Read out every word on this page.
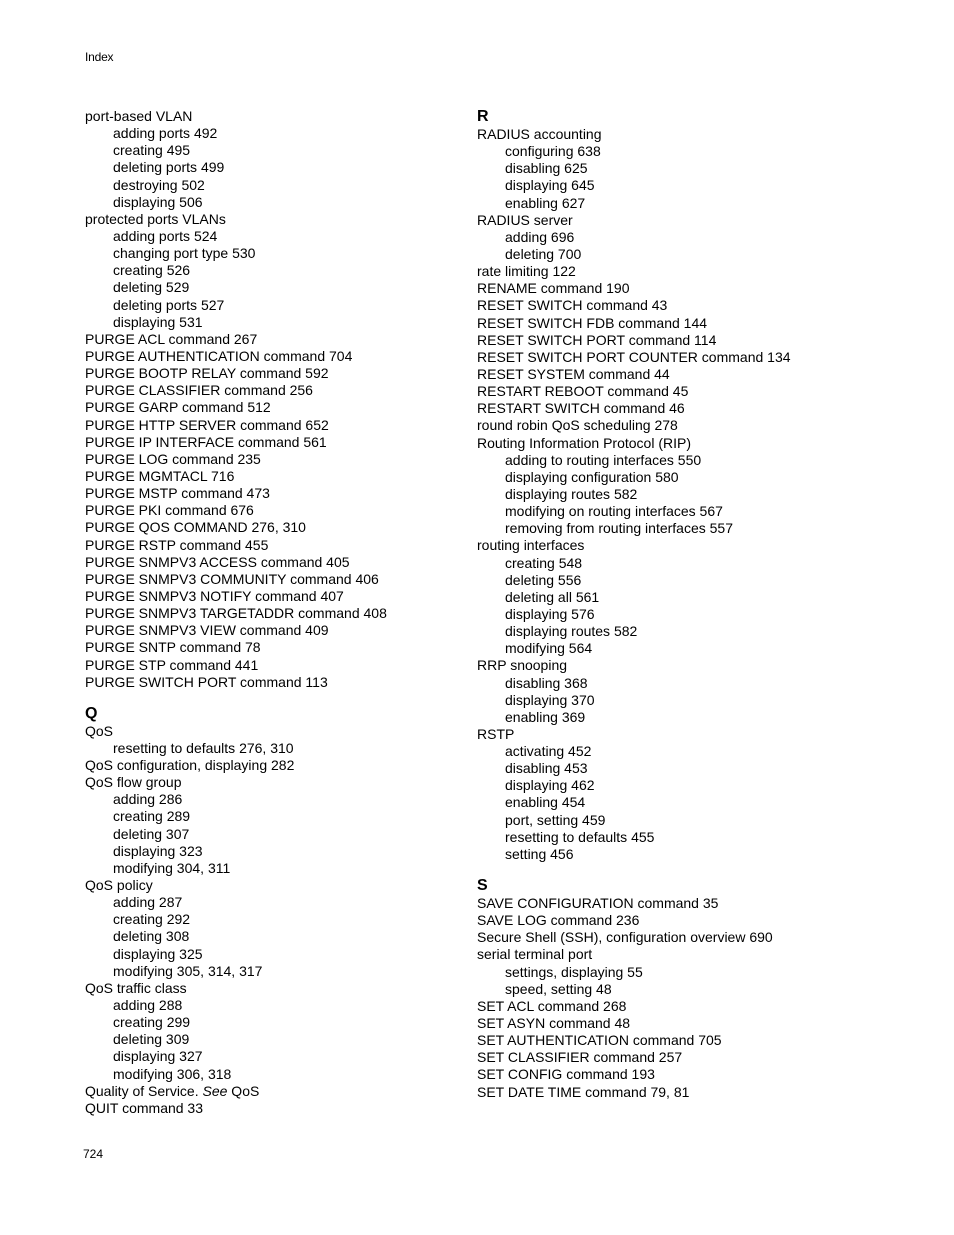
Index
port-based VLAN
adding ports 492
creating 495
deleting ports 499
destroying 502
displaying 506
protected ports VLANs
adding ports 524
changing port type 530
creating 526
deleting 529
deleting ports 527
displaying 531
PURGE ACL command 267
PURGE AUTHENTICATION command 704
PURGE BOOTP RELAY command 592
PURGE CLASSIFIER command 256
PURGE GARP command 512
PURGE HTTP SERVER command 652
PURGE IP INTERFACE command 561
PURGE LOG command 235
PURGE MGMTACL 716
PURGE MSTP command 473
PURGE PKI command 676
PURGE QOS COMMAND 276, 310
PURGE RSTP command 455
PURGE SNMPV3 ACCESS command 405
PURGE SNMPV3 COMMUNITY command 406
PURGE SNMPV3 NOTIFY command 407
PURGE SNMPV3 TARGETADDR command 408
PURGE SNMPV3 VIEW command 409
PURGE SNTP command 78
PURGE STP command 441
PURGE SWITCH PORT command 113
Q
QoS
resetting to defaults 276, 310
QoS configuration, displaying 282
QoS flow group
adding 286
creating 289
deleting 307
displaying 323
modifying 304, 311
QoS policy
adding 287
creating 292
deleting 308
displaying 325
modifying 305, 314, 317
QoS traffic class
adding 288
creating 299
deleting 309
displaying 327
modifying 306, 318
Quality of Service. See QoS
QUIT command 33
R
RADIUS accounting
configuring 638
disabling 625
displaying 645
enabling 627
RADIUS server
adding 696
deleting 700
rate limiting 122
RENAME command 190
RESET SWITCH command 43
RESET SWITCH FDB command 144
RESET SWITCH PORT command 114
RESET SWITCH PORT COUNTER command 134
RESET SYSTEM command 44
RESTART REBOOT command 45
RESTART SWITCH command 46
round robin QoS scheduling 278
Routing Information Protocol (RIP)
adding to routing interfaces 550
displaying configuration 580
displaying routes 582
modifying on routing interfaces 567
removing from routing interfaces 557
routing interfaces
creating 548
deleting 556
deleting all 561
displaying 576
displaying routes 582
modifying 564
RRP snooping
disabling 368
displaying 370
enabling 369
RSTP
activating 452
disabling 453
displaying 462
enabling 454
port, setting 459
resetting to defaults 455
setting 456
S
SAVE CONFIGURATION command 35
SAVE LOG command 236
Secure Shell (SSH), configuration overview 690
serial terminal port
settings, displaying 55
speed, setting 48
SET ACL command 268
SET ASYN command 48
SET AUTHENTICATION command 705
SET CLASSIFIER command 257
SET CONFIG command 193
SET DATE TIME command 79, 81
724
